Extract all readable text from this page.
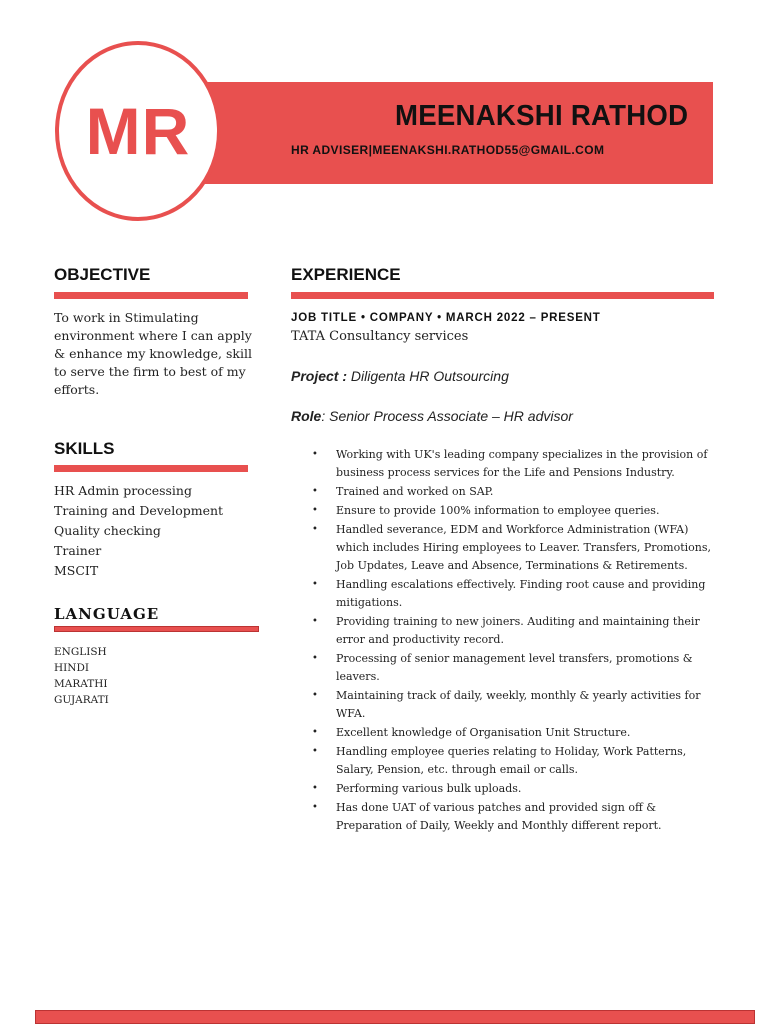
MR	MEENAKSHI RATHOD
HR ADVISER|MEENAKSHI.RATHOD55@GMAIL.COM
OBJECTIVE
To work in Stimulating environment where I can apply & enhance my knowledge, skill to serve the firm to best of my efforts.
SKILLS
HR Admin processing
Training and Development
Quality checking
Trainer
MSCIT
LANGUAGE
ENGLISH
HINDI
MARATHI
GUJARATI
EXPERIENCE
JOB TITLE • COMPANY • MARCH 2022 – PRESENT
TATA Consultancy services
Project : Diligenta HR Outsourcing
Role: Senior Process Associate – HR advisor
• Working with UK's leading company specializes in the provision of business process services for the Life and Pensions Industry.
• Trained and worked on SAP.
• Ensure to provide 100% information to employee queries.
• Handled severance, EDM and Workforce Administration (WFA) which includes Hiring employees to Leaver. Transfers, Promotions, Job Updates, Leave and Absence, Terminations & Retirements.
• Handling escalations effectively. Finding root cause and providing mitigations.
• Providing training to new joiners. Auditing and maintaining their error and productivity record.
• Processing of senior management level transfers, promotions & leavers.
• Maintaining track of daily, weekly, monthly & yearly activities for WFA.
• Excellent knowledge of Organisation Unit Structure.
• Handling employee queries relating to Holiday, Work Patterns, Salary, Pension, etc. through email or calls.
• Performing various bulk uploads.
• Has done UAT of various patches and provided sign off & Preparation of Daily, Weekly and Monthly different report.
